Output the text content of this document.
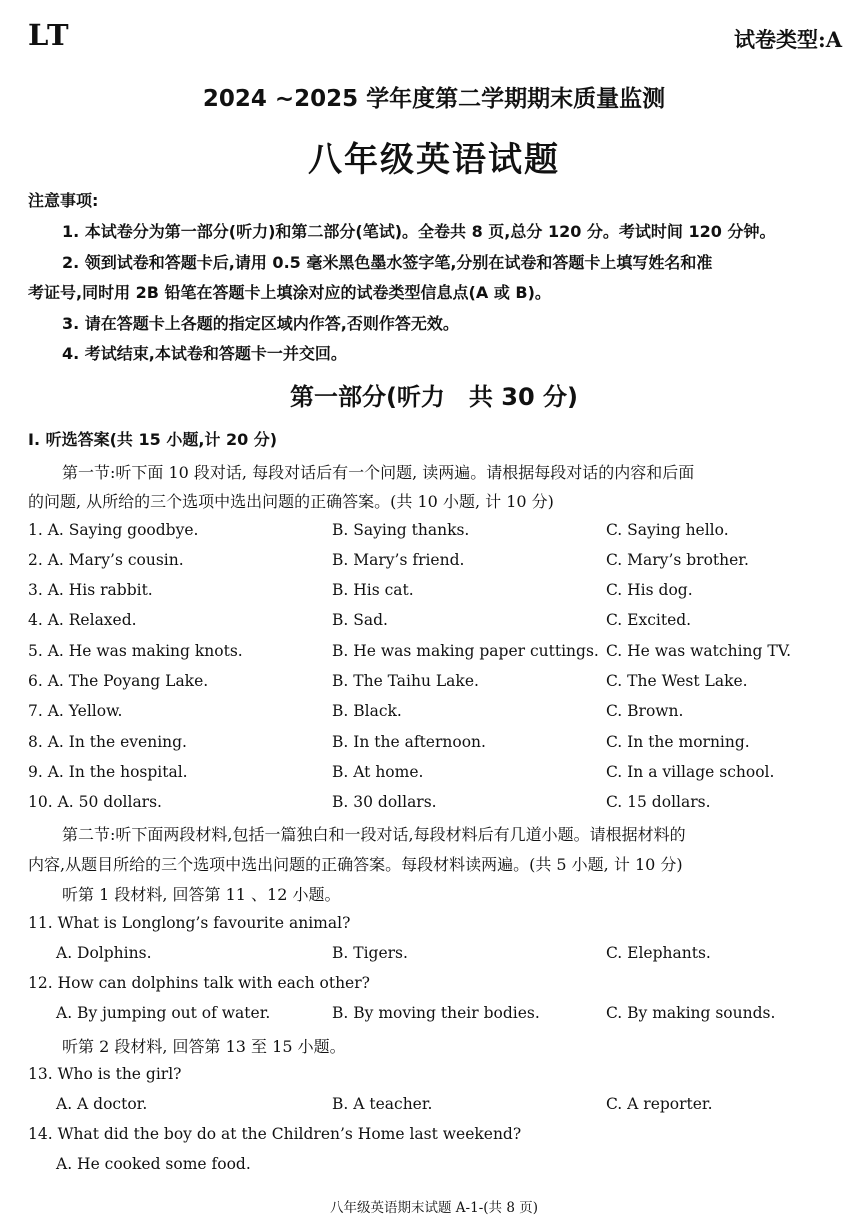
LT	试卷类型:A
2024 ~2025 学年度第二学期期末质量监测
八年级英语试题
注意事项:
1. 本试卷分为第一部分(听力)和第二部分(笔试)。全卷共 8 页,总分 120 分。考试时间 120 分钟。
2. 领到试卷和答题卡后,请用 0.5 毫米黑色墨水签字笔,分别在试卷和答题卡上填写姓名和准
考证号,同时用 2B 铅笔在答题卡上填涂对应的试卷类型信息点(A 或 B)。
3. 请在答题卡上各题的指定区域内作答,否则作答无效。
4. 考试结束,本试卷和答题卡一并交回。
第一部分(听力　共 30 分)
Ⅰ. 听选答案(共 15 小题,计 20 分)
第一节:听下面 10 段对话, 每段对话后有一个问题, 读两遍。请根据每段对话的内容和后面
的问题, 从所给的三个选项中选出问题的正确答案。(共 10 小题, 计 10 分)
1. A. Saying goodbye.	B. Saying thanks.	C. Saying hello.
2. A. Mary’s cousin.	B. Mary’s friend.	C. Mary’s brother.
3. A. His rabbit.	B. His cat.	C. His dog.
4. A. Relaxed.	B. Sad.	C. Excited.
5. A. He was making knots.	B. He was making paper cuttings. C. He was watching TV.
6. A. The Poyang Lake.	B. The Taihu Lake.	C. The West Lake.
7. A. Yellow.	B. Black.	C. Brown.
8. A. In the evening.	B. In the afternoon.	C. In the morning.
9. A. In the hospital.	B. At home.	C. In a village school.
10. A. 50 dollars.	B. 30 dollars.	C. 15 dollars.
第二节:听下面两段材料,包括一篇独白和一段对话,每段材料后有几道小题。请根据材料的
内容,从题目所给的三个选项中选出问题的正确答案。每段材料读两遍。(共 5 小题, 计 10 分)
听第 1 段材料, 回答第 11 、12 小题。
11. What is Longlong’s favourite animal?
A. Dolphins.	B. Tigers.	C. Elephants.
12. How can dolphins talk with each other?
A. By jumping out of water.	B. By moving their bodies.	C. By making sounds.
听第 2 段材料, 回答第 13 至 15 小题。
13. Who is the girl?
A. A doctor.	B. A teacher.	C. A reporter.
14. What did the boy do at the Children’s Home last weekend?
A. He cooked some food.
八年级英语期末试题 A-1-(共 8 页)
